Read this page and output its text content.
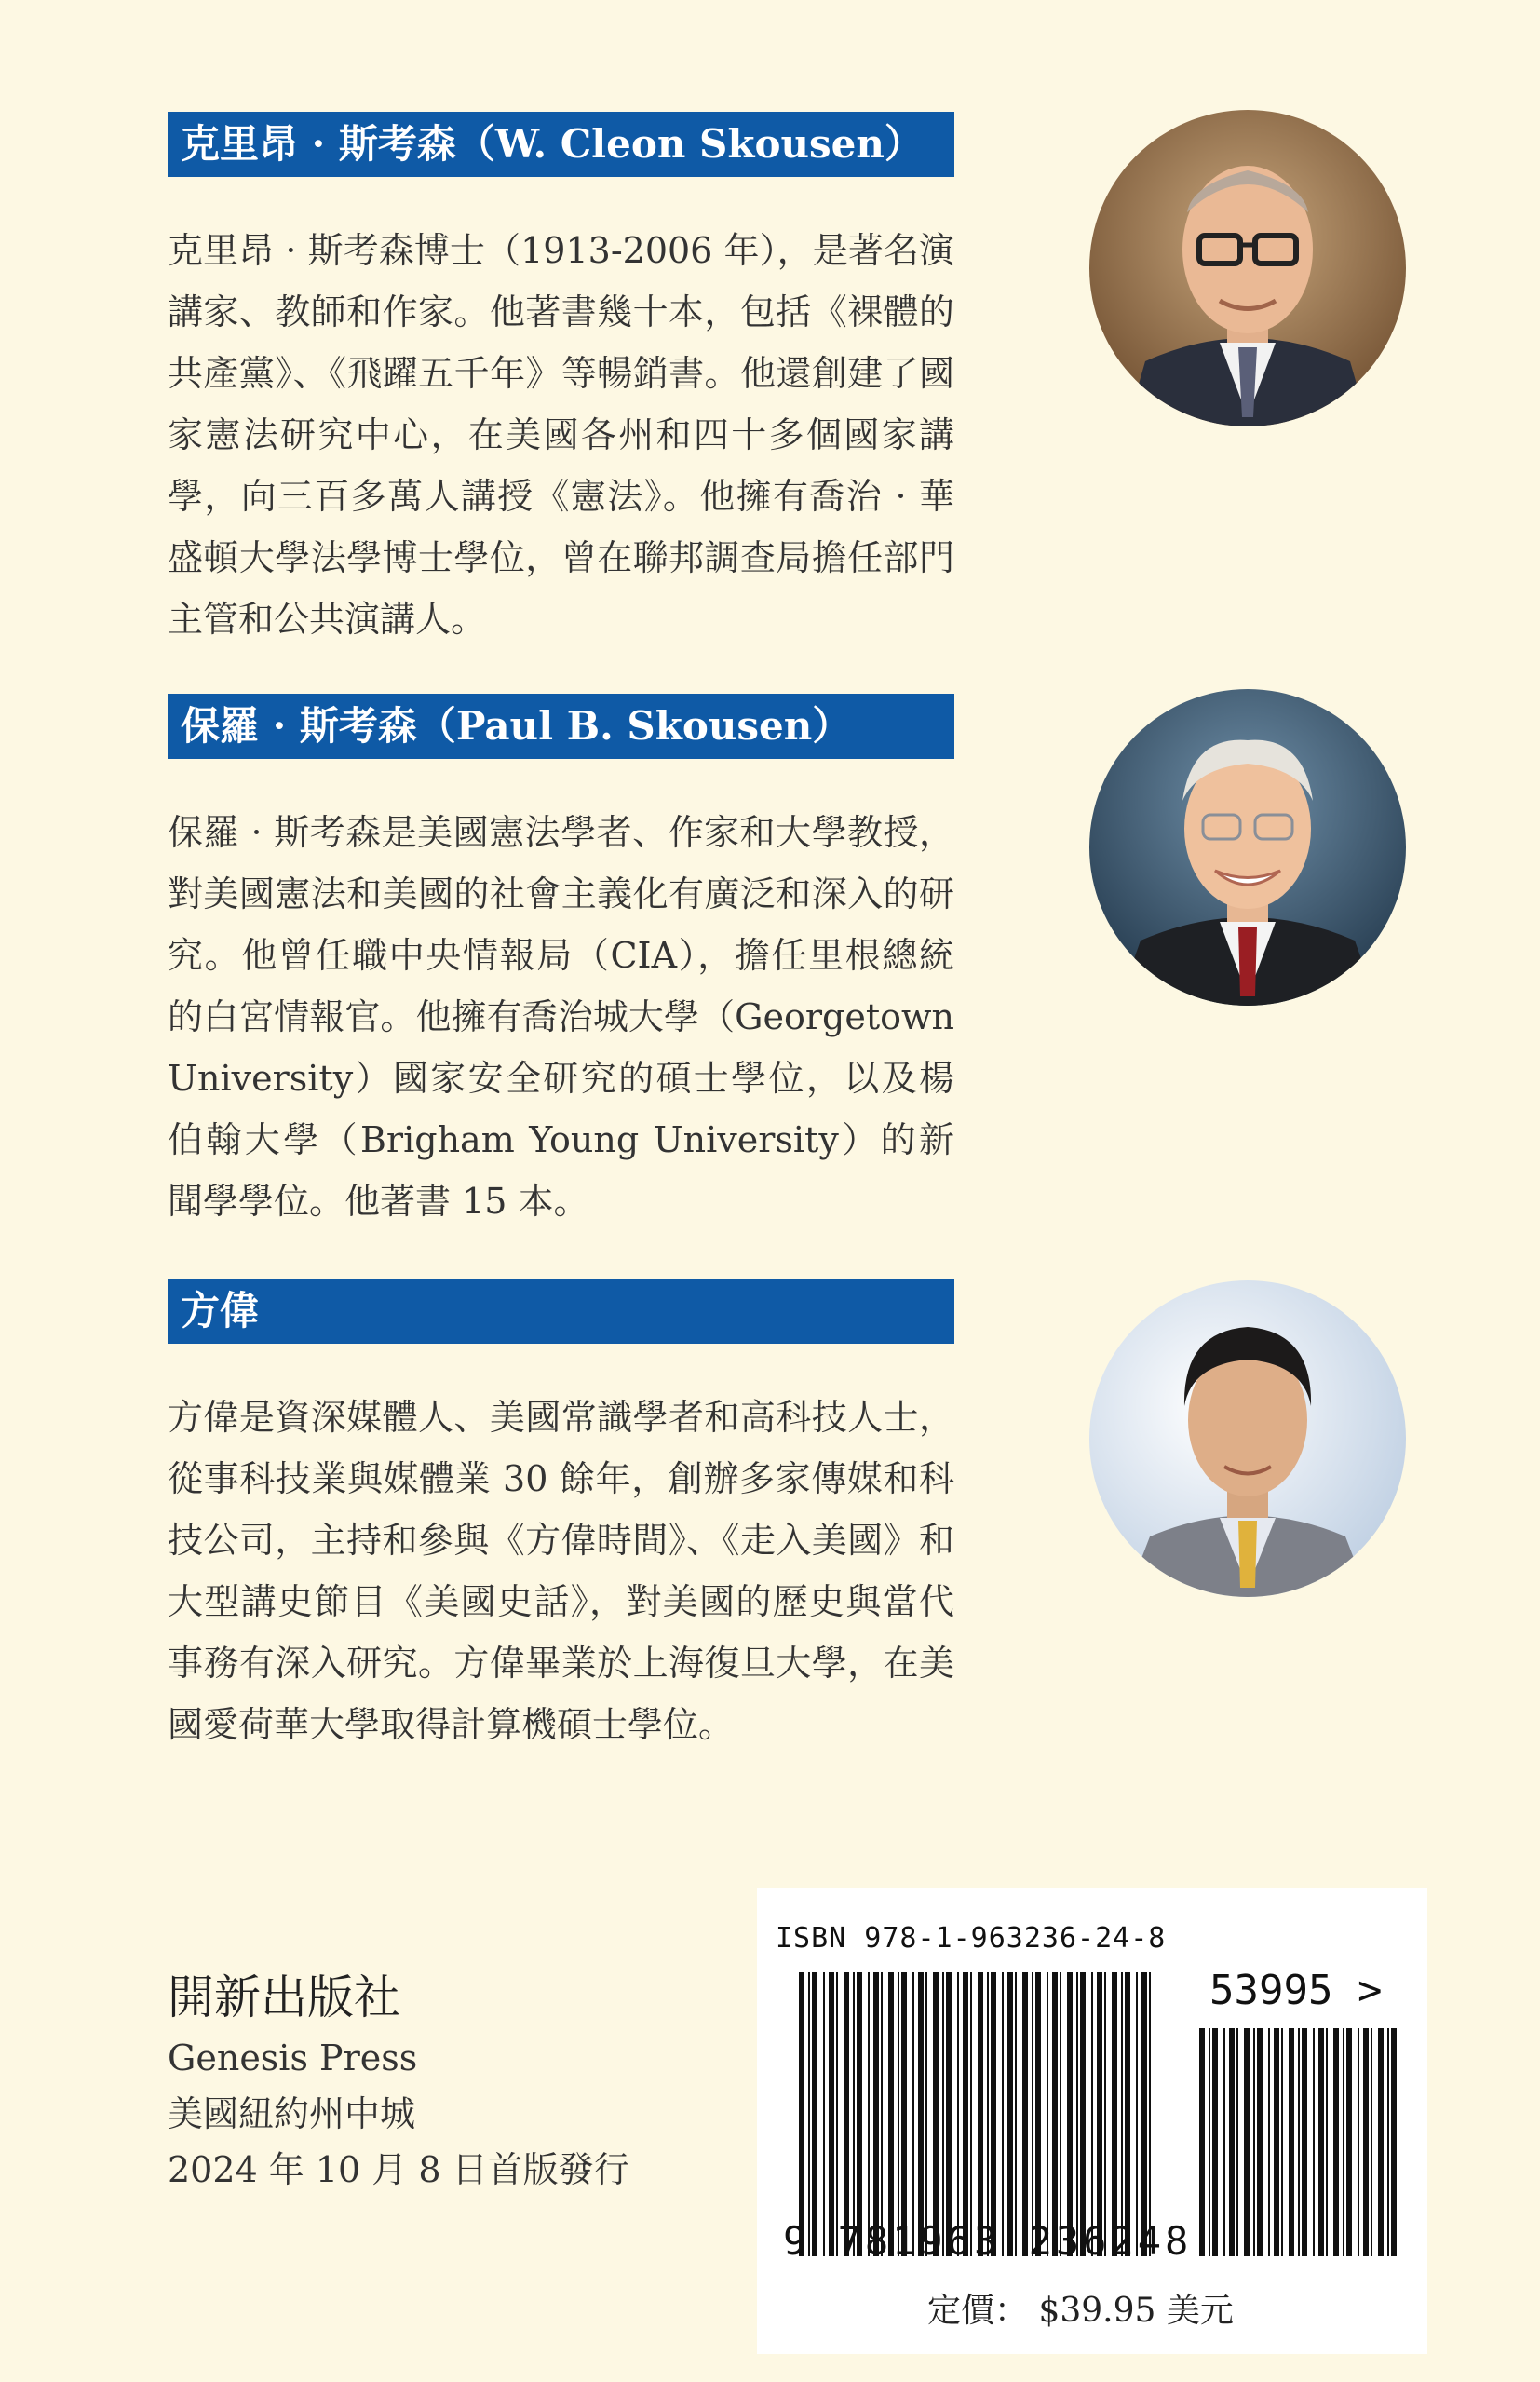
克里昂 · 斯考森（W. Cleon Skousen）
克里昂 · 斯考森博士（1913-2006 年），是著名演講家、教師和作家。他著書幾十本，包括《裸體的共產黨》、《飛躍五千年》等暢銷書。他還創建了國家憲法研究中心，在美國各州和四十多個國家講學，向三百多萬人講授《憲法》。他擁有喬治 · 華盛頓大學法學博士學位，曾在聯邦調查局擔任部門主管和公共演講人。
保羅 · 斯考森（Paul B. Skousen）
保羅 · 斯考森是美國憲法學者、作家和大學教授，對美國憲法和美國的社會主義化有廣泛和深入的研究。他曾任職中央情報局（CIA），擔任里根總統的白宮情報官。他擁有喬治城大學（Georgetown University）國家安全研究的碩士學位，以及楊伯翰大學（Brigham Young University）的新聞學學位。他著書 15 本。
方偉
方偉是資深媒體人、美國常識學者和高科技人士，從事科技業與媒體業 30 餘年，創辦多家傳媒和科技公司，主持和參與《方偉時間》、《走入美國》和大型講史節目《美國史話》，對美國的歷史與當代事務有深入研究。方偉畢業於上海復旦大學，在美國愛荷華大學取得計算機碩士學位。
開新出版社
Genesis Press
美國紐約州中城
2024 年 10 月 8 日首版發行
ISBN 978-1-963236-24-8
53995 >
9 781963 236248
定價： $39.95 美元
